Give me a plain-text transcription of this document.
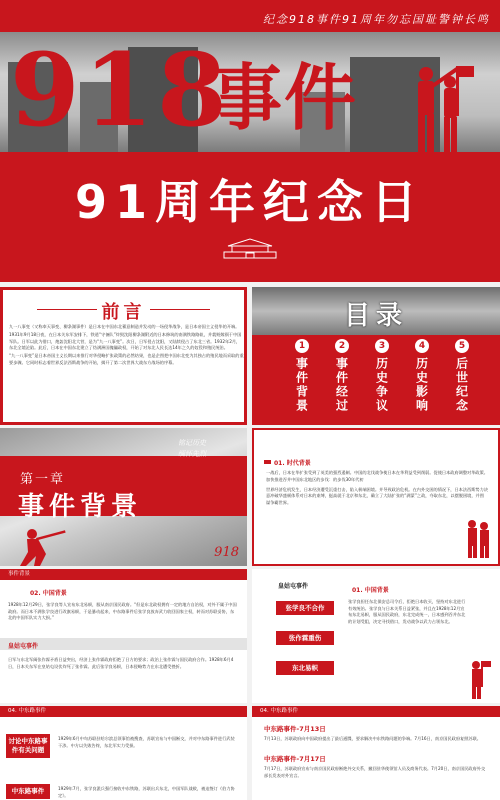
纪念918事件91周年勿忘国耻警钟长鸣
918
事件
91周年纪念日
前言

九一八事变（又称奉天事变、柳条湖事件）是日本在中国东北蓄意制造并发动的一场侵华战争，是日本帝国主义侵华的开端。

1931年9月18日夜，在日本关东军安排下，铁道“守备队”炸毁沈阳柳条湖附近的日本修筑的南满铁路路轨，并栽赃嫁祸于中国军队。日军以此为借口，炮轰沈阳北大营，是为“九一八事变”。次日，日军侵占沈阳，又陆续侵占了东北三省。1932年2月，东北全境沦陷。此后，日本在中国东北建立了伪满洲国傀儡政权，开始了对东北人民长达14年之久的奴役和殖民统治。

“九一八事变”是日本帝国主义长期以来推行对华侵略扩张政策的必然结果，也是企图把中国东北变为其独占的殖民地而采取的重要步骤。它同时标志着世界反法西斯战争的开始，揭开了第二次世界大战东方战场的序幕。

目录
1
事件背景
2
事件经过
3
历史争议
4
历史影响
5
后世纪念
第一章
事件背景
铭记历史
缅怀先烈
918
01. 时代背景

一战后，日本在华扩张受到了英美的强烈遏制。中国的北伐战争使日本在华利益受到削弱。促使日本政府调整对华政策。加快推进吞并中国东北地区的步伐：的步伐30年代初

世界经济危机发生，日本经济遭受沉重打击，陷入极端困境。并导致政治危机。在内外交困的情况下，日本法西斯势力决意冲破华盛顿体系对日本的束缚，挺高就于北京和东北，确立了大陆扩张的“满蒙”之政，夺取东北，以摆脱困境，并图谋争霸世界。

事件背景
02. 中国背景
1928年12月29日，张学良等人宣布东北易帜，服从南京国民政府。“但是东北政权拥有一定的地方自治权，对外不属于中国政府。而日本不满张学良进行改旗易帜，于是暴动起来，中东路事件后张学良放弃武力收回国家主权，转而对苏联妥协，东北的中国军队实力大损。”
皇姑屯事件
日军与东北军阀张作霖矛盾日益突出，经济上张作霖政府拒绝了日方的要求；政治上张作霖与国民政府合作。1928年6月4日，日本关东军在皇姑屯设伏炸死了张作霖。此后张学良易帜，日本侵略势力在东北遭受挫折。
皇姑屯事件
张学良不合作
张作霖重伤
东北易帜
01. 中国背景
张学良担任东北保安总司令后，拒绝日本收买，坚持对东北进行有效统治。张学良与日本关系日益紧张，并且在1928年12月宣布东北易帜，服从国民政府，东北完成统一，日本感到吞并东北的计划受阻，决定寻找借口，发动战争以武力占领东北。
04. 中东路事件
讨论中东路事件有关问题
1929年6月中旬苏联驻哈尔滨总领事馆被搜查，苏联宣布与中国断交，并对中东路事件进行武装干涉。中方以失败告终，东北军实力受损。
中东路事件	1929年7月，张学良派兵强行接收中东铁路，苏联出兵东北，中国军队战败，被迫签订《伯力协定》。
04. 中东路事件
中东路事件-7月13日
7月13日，苏联政府向中国政府提出了最后通牒，要求解决中东铁路问题的争端。7月16日，南京国民政府复照苏联。
中东路事件-7月17日
7月17日，苏联政府宣布与南京国民政府断绝外交关系，撤回驻华使领馆人员及商务代表。7月20日，南京国民政府外交部长发表对外宣言。
